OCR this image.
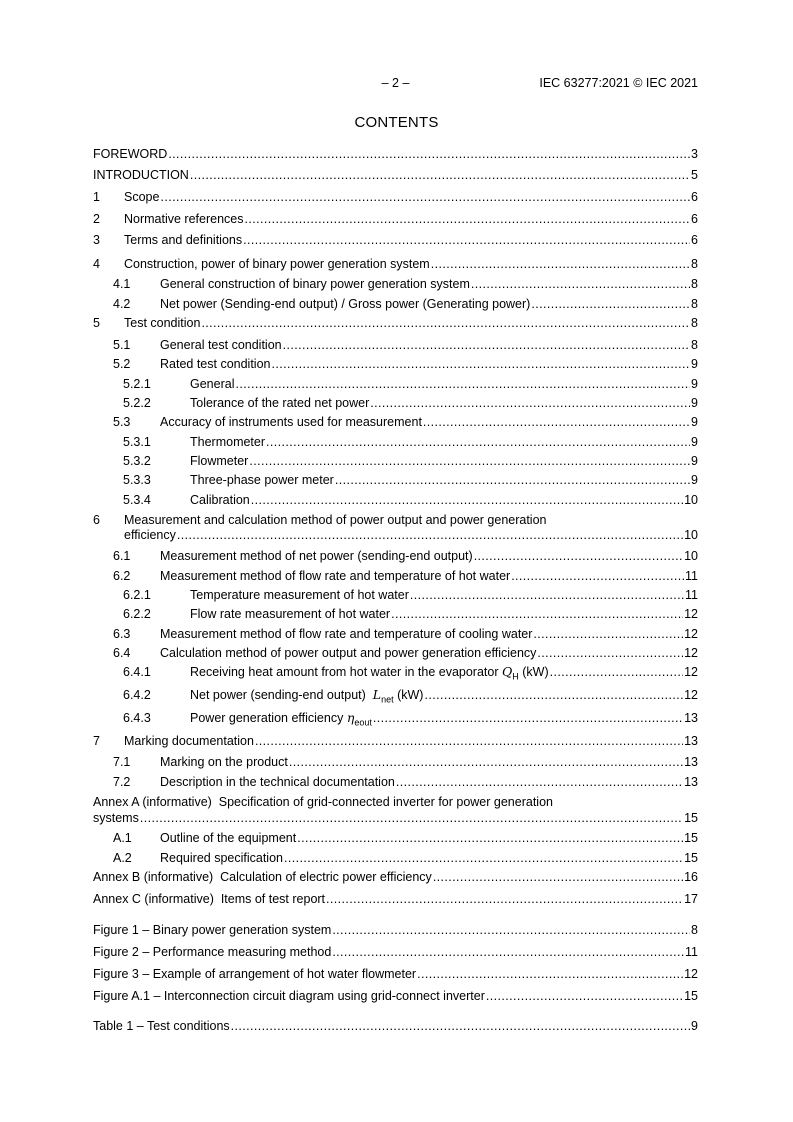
– 2 –	IEC 63277:2021 © IEC 2021
CONTENTS
FOREWORD .....	3
INTRODUCTION .....	5
1	Scope .....	6
2	Normative references .....	6
3	Terms and definitions .....	6
4	Construction, power of binary power generation system .....	8
4.1	General construction of binary power generation system .....	8
4.2	Net power (Sending-end output) / Gross power (Generating power) .....	8
5	Test condition .....	8
5.1	General test condition .....	8
5.2	Rated test condition .....	9
5.2.1	General .....	9
5.2.2	Tolerance of the rated net power .....	9
5.3	Accuracy of instruments used for measurement .....	9
5.3.1	Thermometer .....	9
5.3.2	Flowmeter .....	9
5.3.3	Three-phase power meter .....	9
5.3.4	Calibration .....	10
6	Measurement and calculation method of power output and power generation
efficiency .....	10
6.1	Measurement method of net power (sending-end output) .....	10
6.2	Measurement method of flow rate and temperature of hot water .....	11
6.2.1	Temperature measurement of hot water .....	11
6.2.2	Flow rate measurement of hot water .....	12
6.3	Measurement method of flow rate and temperature of cooling water .....	12
6.4	Calculation method of power output and power generation efficiency .....	12
6.4.1	Receiving heat amount from hot water in the evaporator $Q_H$ (kW) .....	12
6.4.2	Net power (sending-end output) $L_{net}$ (kW) .....	12
6.4.3	Power generation efficiency $\eta_{eout}$ .....	13
7	Marking documentation .....	13
7.1	Marking on the product .....	13
7.2	Description in the technical documentation .....	13
Annex A (informative)  Specification of grid-connected inverter for power generation
systems .....	15
A.1	Outline of the equipment .....	15
A.2	Required specification .....	15
Annex B (informative)  Calculation of electric power efficiency .....	16
Annex C (informative)  Items of test report .....	17
Figure 1 – Binary power generation system .....	8
Figure 2 – Performance measuring method .....	11
Figure 3 – Example of arrangement of hot water flowmeter .....	12
Figure A.1 – Interconnection circuit diagram using grid-connect inverter .....	15
Table 1 – Test conditions .....	9
